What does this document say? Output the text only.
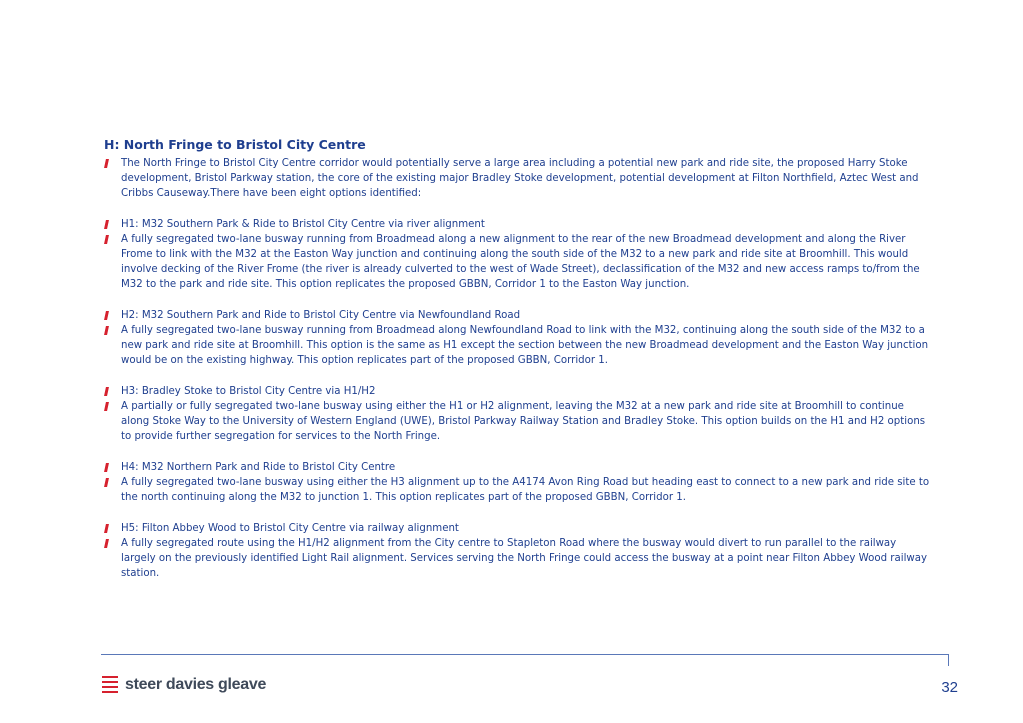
H: North Fringe to Bristol City Centre
The North Fringe to Bristol City Centre corridor would potentially serve a large area including a potential new park and ride site, the proposed Harry Stoke development, Bristol Parkway station, the core of the existing major Bradley Stoke development, potential development at Filton Northfield, Aztec West and Cribbs Causeway.There have been eight options identified:
H1: M32 Southern Park & Ride to Bristol City Centre via river alignment
A fully segregated two-lane busway running from Broadmead along a new alignment to the rear of the new Broadmead development and along the River Frome to link with the M32 at the Easton Way junction and continuing along the south side of the M32 to a new park and ride site at Broomhill. This would involve decking of the River Frome (the river is already culverted to the west of Wade Street), declassification of the M32 and new access ramps to/from the M32 to the park and ride site. This option replicates the proposed GBBN, Corridor 1 to the Easton Way junction.
H2: M32 Southern Park and Ride to Bristol City Centre via Newfoundland Road
A fully segregated two-lane busway running from Broadmead along Newfoundland Road to link with the M32, continuing along the south side of the M32 to a new park and ride site at Broomhill. This option is the same as H1 except the section between the new Broadmead development and the Easton Way junction would be on the existing highway. This option replicates part of the proposed GBBN, Corridor 1.
H3: Bradley Stoke to Bristol City Centre via H1/H2
A partially or fully segregated two-lane busway using either the H1 or H2 alignment, leaving the M32 at a new park and ride site at Broomhill to continue along Stoke Way to the University of Western England (UWE), Bristol Parkway Railway Station and Bradley Stoke. This option builds on the H1 and H2 options to provide further segregation for services to the North Fringe.
H4: M32 Northern Park and Ride to Bristol City Centre
A fully segregated two-lane busway using either the H3 alignment up to the A4174 Avon Ring Road but heading east to connect to a new park and ride site to the north continuing along the M32 to junction 1. This option replicates part of the proposed GBBN, Corridor 1.
H5: Filton Abbey Wood to Bristol City Centre via railway alignment
A fully segregated route using the H1/H2 alignment from the City centre to Stapleton Road where the busway would divert to run parallel to the railway largely on the previously identified Light Rail alignment. Services serving the North Fringe could access the busway at a point near Filton Abbey Wood railway station.
steer davies gleave	32
